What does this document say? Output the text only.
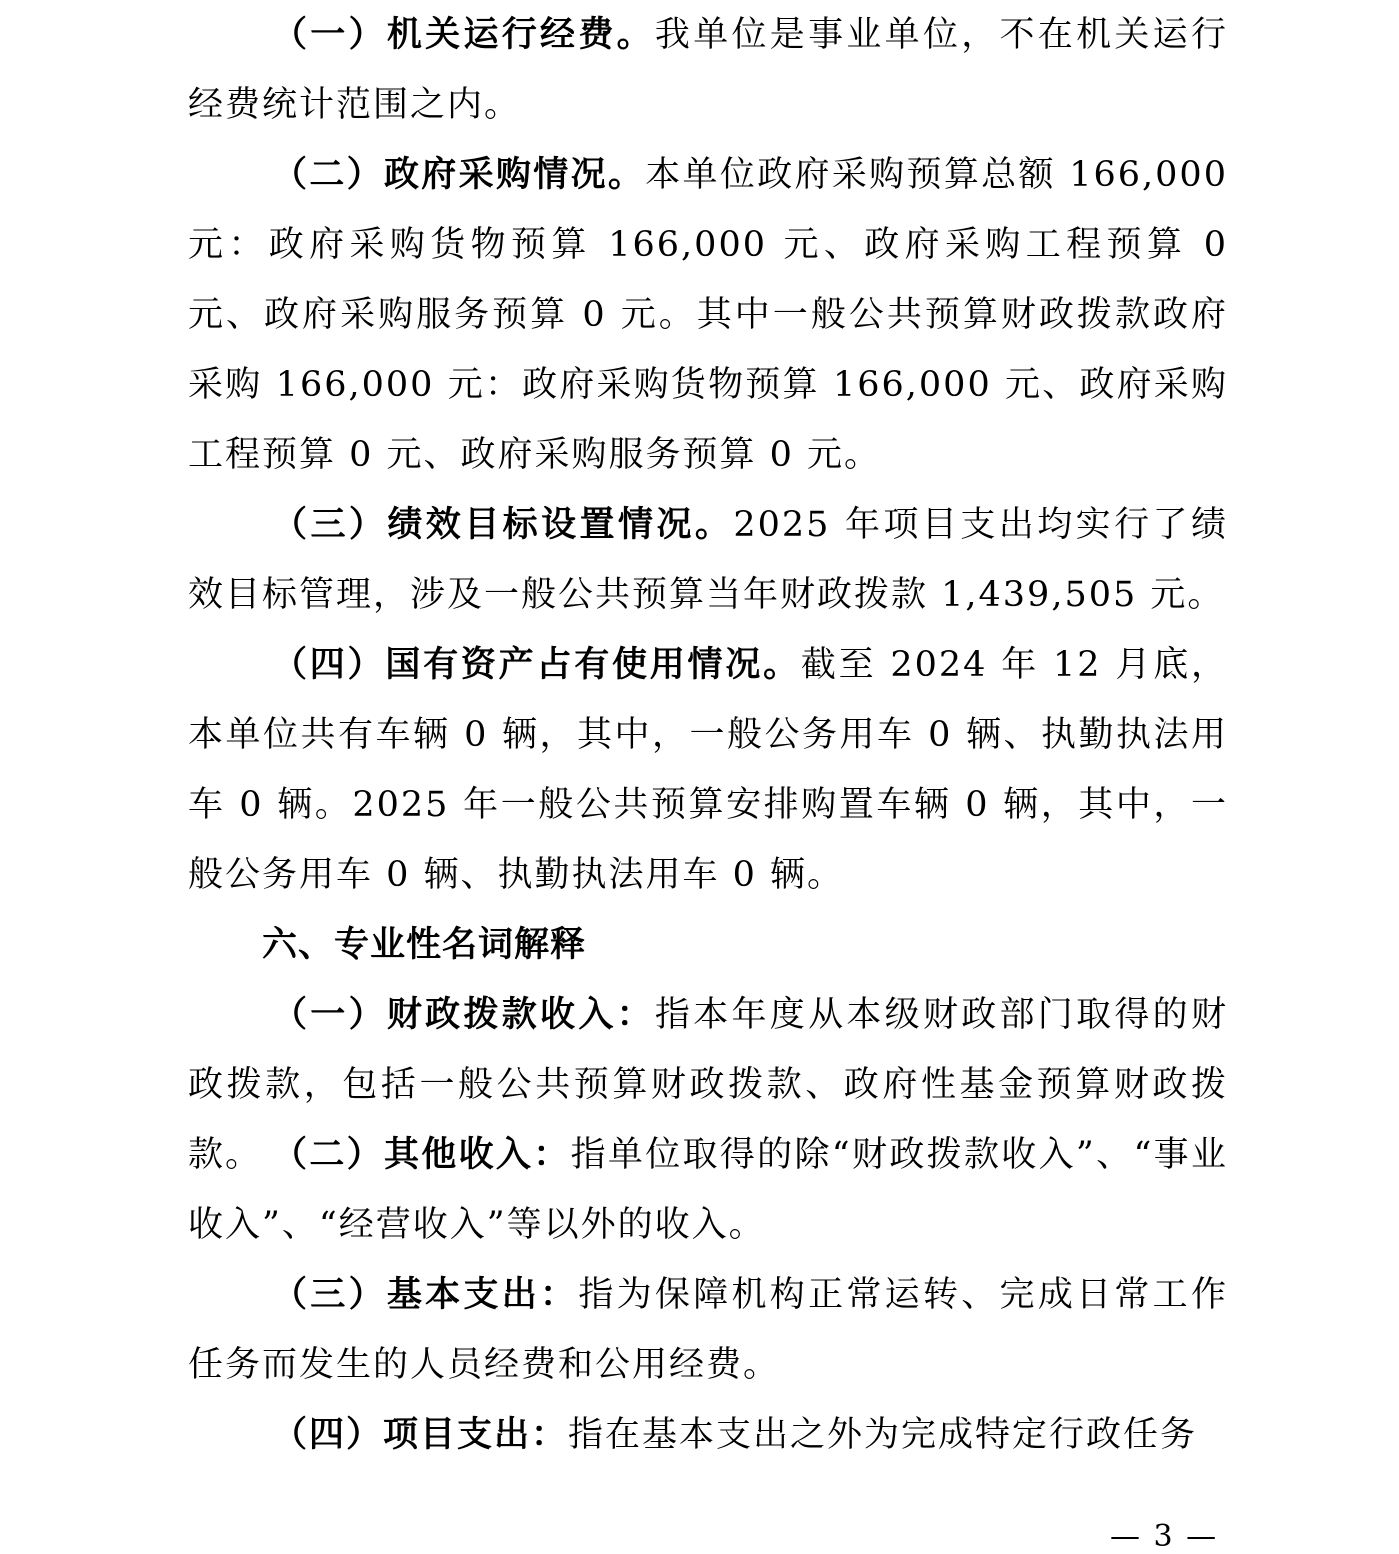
（一）机关运行经费。我单位是事业单位，不在机关运行经费统计范围之内。

（二）政府采购情况。本单位政府采购预算总额 166,000 元：政府采购货物预算 166,000 元、政府采购工程预算 0 元、政府采购服务预算 0 元。其中一般公共预算财政拨款政府采购 166,000 元：政府采购货物预算 166,000 元、政府采购工程预算 0 元、政府采购服务预算 0 元。

（三）绩效目标设置情况。2025 年项目支出均实行了绩效目标管理，涉及一般公共预算当年财政拨款 1,439,505 元。

（四）国有资产占有使用情况。截至 2024 年 12 月底，本单位共有车辆 0 辆，其中，一般公务用车 0 辆、执勤执法用车 0 辆。2025 年一般公共预算安排购置车辆 0 辆，其中，一般公务用车 0 辆、执勤执法用车 0 辆。

六、专业性名词解释

（一）财政拨款收入：指本年度从本级财政部门取得的财政拨款，包括一般公共预算财政拨款、政府性基金预算财政拨款。 （二）其他收入：指单位取得的除“财政拨款收入”、“事业收入”、“经营收入”等以外的收入。

（三）基本支出：指为保障机构正常运转、完成日常工作任务而发生的人员经费和公用经费。

（四）项目支出：指在基本支出之外为完成特定行政任务

— 3 —
